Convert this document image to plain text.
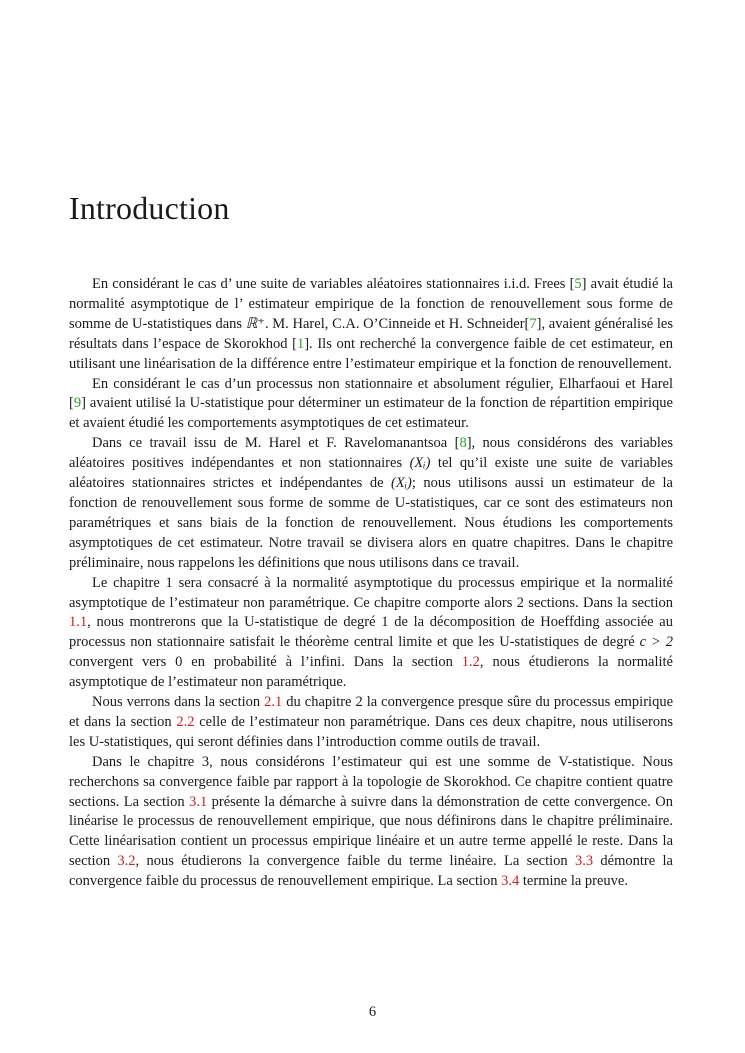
Introduction

En considérant le cas d’ une suite de variables aléatoires stationnaires i.i.d. Frees [5] avait étudié la normalité asymptotique de l’ estimateur empirique de la fonction de renouvellement sous forme de somme de U-statistiques dans ℝ⁺. M. Harel, C.A. O’Cinneide et H. Schneider[7], avaient généralisé les résultats dans l’espace de Skorokhod [1]. Ils ont recherché la convergence faible de cet estimateur, en utilisant une linéarisation de la différence entre l’estimateur empirique et la fonction de renouvellement.

En considérant le cas d’un processus non stationnaire et absolument régulier, Elharfaoui et Harel [9] avaient utilisé la U-statistique pour déterminer un estimateur de la fonction de répartition empirique et avaient étudié les comportements asymptotiques de cet estimateur.

Dans ce travail issu de M. Harel et F. Ravelomanantsoa [8], nous considérons des variables aléatoires positives indépendantes et non stationnaires (Xᵢ) tel qu’il existe une suite de variables aléatoires stationnaires strictes et indépendantes de (Xᵢ); nous utilisons aussi un estimateur de la fonction de renouvellement sous forme de somme de U-statistiques, car ce sont des estimateurs non paramétriques et sans biais de la fonction de renouvellement. Nous étudions les comportements asymptotiques de cet estimateur. Notre travail se divisera alors en quatre chapitres. Dans le chapitre préliminaire, nous rappelons les définitions que nous utilisons dans ce travail.

Le chapitre 1 sera consacré à la normalité asymptotique du processus empirique et la normalité asymptotique de l’estimateur non paramétrique. Ce chapitre comporte alors 2 sections. Dans la section 1.1, nous montrerons que la U-statistique de degré 1 de la décomposition de Hoeffding associée au processus non stationnaire satisfait le théorème central limite et que les U-statistiques de degré c > 2 convergent vers 0 en probabilité à l’infini. Dans la section 1.2, nous étudierons la normalité asymptotique de l’estimateur non paramétrique.

Nous verrons dans la section 2.1 du chapitre 2 la convergence presque sûre du processus empirique et dans la section 2.2 celle de l’estimateur non paramétrique. Dans ces deux chapitre, nous utiliserons les U-statistiques, qui seront définies dans l’introduction comme outils de travail.

Dans le chapitre 3, nous considérons l’estimateur qui est une somme de V-statistique. Nous recherchons sa convergence faible par rapport à la topologie de Skorokhod. Ce chapitre contient quatre sections. La section 3.1 présente la démarche à suivre dans la démonstration de cette convergence. On linéarise le processus de renouvellement empirique, que nous définirons dans le chapitre préliminaire. Cette linéarisation contient un processus empirique linéaire et un autre terme appellé le reste. Dans la section 3.2, nous étudierons la convergence faible du terme linéaire. La section 3.3 démontre la convergence faible du processus de renouvellement empirique. La section 3.4 termine la preuve.

6
